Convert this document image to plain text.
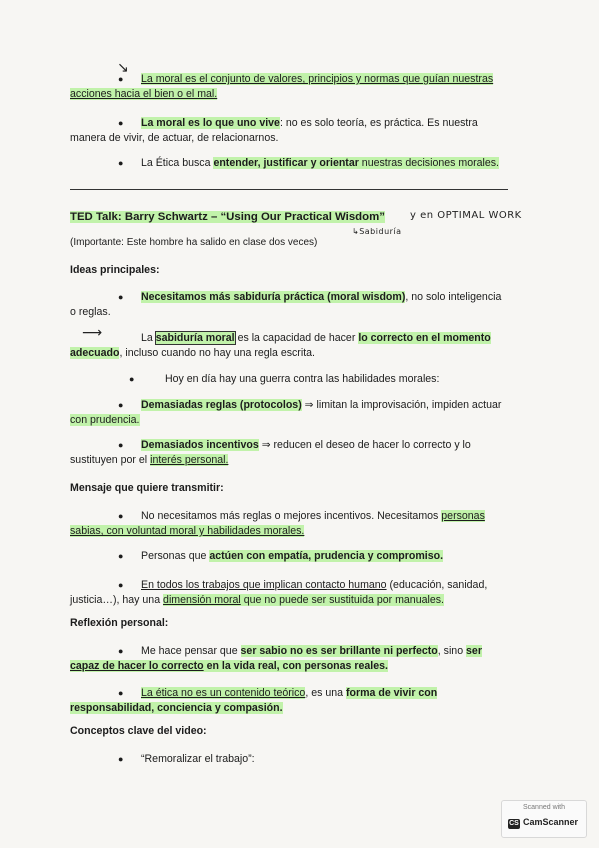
●
↘
La moral es el conjunto de valores, principios y normas que guían nuestras
acciones hacia el bien o el mal.
● La moral es lo que uno vive: no es solo teoría, es práctica. Es nuestra
manera de vivir, de actuar, de relacionarnos.
● La Ética busca entender, justificar y orientar nuestras decisiones morales.
TED Talk: Barry Schwartz – “Using Our Practical Wisdom”	y en OPTIMAL WORK
↳Sabiduría
(Importante: Este hombre ha salido en clase dos veces)
Ideas principales:
● Necesitamos más sabiduría práctica (moral wisdom), no solo inteligencia
o reglas.
⟶	La sabiduría moral es la capacidad de hacer lo correcto en el momento
adecuado, incluso cuando no hay una regla escrita.
●	Hoy en día hay una guerra contra las habilidades morales:
● Demasiadas reglas (protocolos) ⇒ limitan la improvisación, impiden actuar
con prudencia.
● Demasiados incentivos ⇒ reducen el deseo de hacer lo correcto y lo
sustituyen por el interés personal.
Mensaje que quiere transmitir:
● No necesitamos más reglas o mejores incentivos. Necesitamos personas
sabias, con voluntad moral y habilidades morales.
● Personas que actúen con empatía, prudencia y compromiso.
● En todos los trabajos que implican contacto humano (educación, sanidad,
justicia…), hay una dimensión moral que no puede ser sustituida por manuales.
Reflexión personal:
● Me hace pensar que ser sabio no es ser brillante ni perfecto, sino ser
capaz de hacer lo correcto en la vida real, con personas reales.
● La ética no es un contenido teórico, es una forma de vivir con
responsabilidad, conciencia y compasión.
Conceptos clave del video:
● “Remoralizar el trabajo”:
Scanned with
CS CamScanner
